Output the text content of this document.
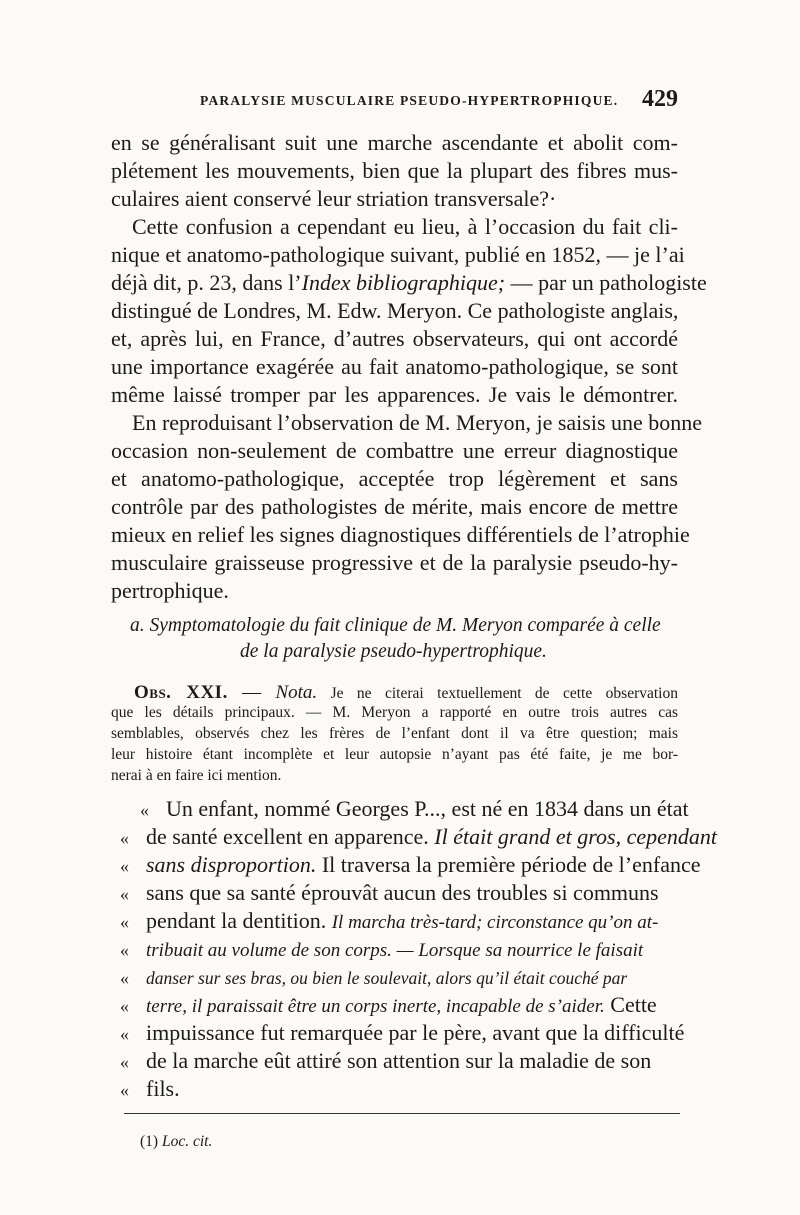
PARALYSIE MUSCULAIRE PSEUDO-HYPERTROPHIQUE. 429
en se généralisant suit une marche ascendante et abolit com-
plétement les mouvements, bien que la plupart des fibres mus-
culaires aient conservé leur striation transversale?·
Cette confusion a cependant eu lieu, à l’occasion du fait cli-
nique et anatomo-pathologique suivant, publié en 1852, — je l’ai
déjà dit, p. 23, dans l’Index bibliographique; — par un pathologiste
distingué de Londres, M. Edw. Meryon. Ce pathologiste anglais,
et, après lui, en France, d’autres observateurs, qui ont accordé
une importance exagérée au fait anatomo-pathologique, se sont
même laissé tromper par les apparences. Je vais le démontrer.
En reproduisant l’observation de M. Meryon, je saisis une bonne
occasion non-seulement de combattre une erreur diagnostique
et anatomo-pathologique, acceptée trop légèrement et sans
contrôle par des pathologistes de mérite, mais encore de mettre
mieux en relief les signes diagnostiques différentiels de l’atrophie
musculaire graisseuse progressive et de la paralysie pseudo-hy-
pertrophique.
a. Symptomatologie du fait clinique de M. Meryon comparée à celle
de la paralysie pseudo-hypertrophique.
Obs. XXI. — Nota. Je ne citerai textuellement de cette observation
que les détails principaux. — M. Meryon a rapporté en outre trois autres cas
semblables, observés chez les frères de l’enfant dont il va être question; mais
leur histoire étant incomplète et leur autopsie n’ayant pas été faite, je me bor-
nerai à en faire ici mention.
« Un enfant, nommé Georges P..., est né en 1834 dans un état
« de santé excellent en apparence. Il était grand et gros, cependant
« sans disproportion. Il traversa la première période de l’enfance
« sans que sa santé éprouvât aucun des troubles si communs
« pendant la dentition. Il marcha très-tard; circonstance qu’on at-
« tribuait au volume de son corps. — Lorsque sa nourrice le faisait
« danser sur ses bras, ou bien le soulevait, alors qu’il était couché par
« terre, il paraissait être un corps inerte, incapable de s’aider. Cette
« impuissance fut remarquée par le père, avant que la difficulté
« de la marche eût attiré son attention sur la maladie de son
« fils.
(1) Loc. cit.
